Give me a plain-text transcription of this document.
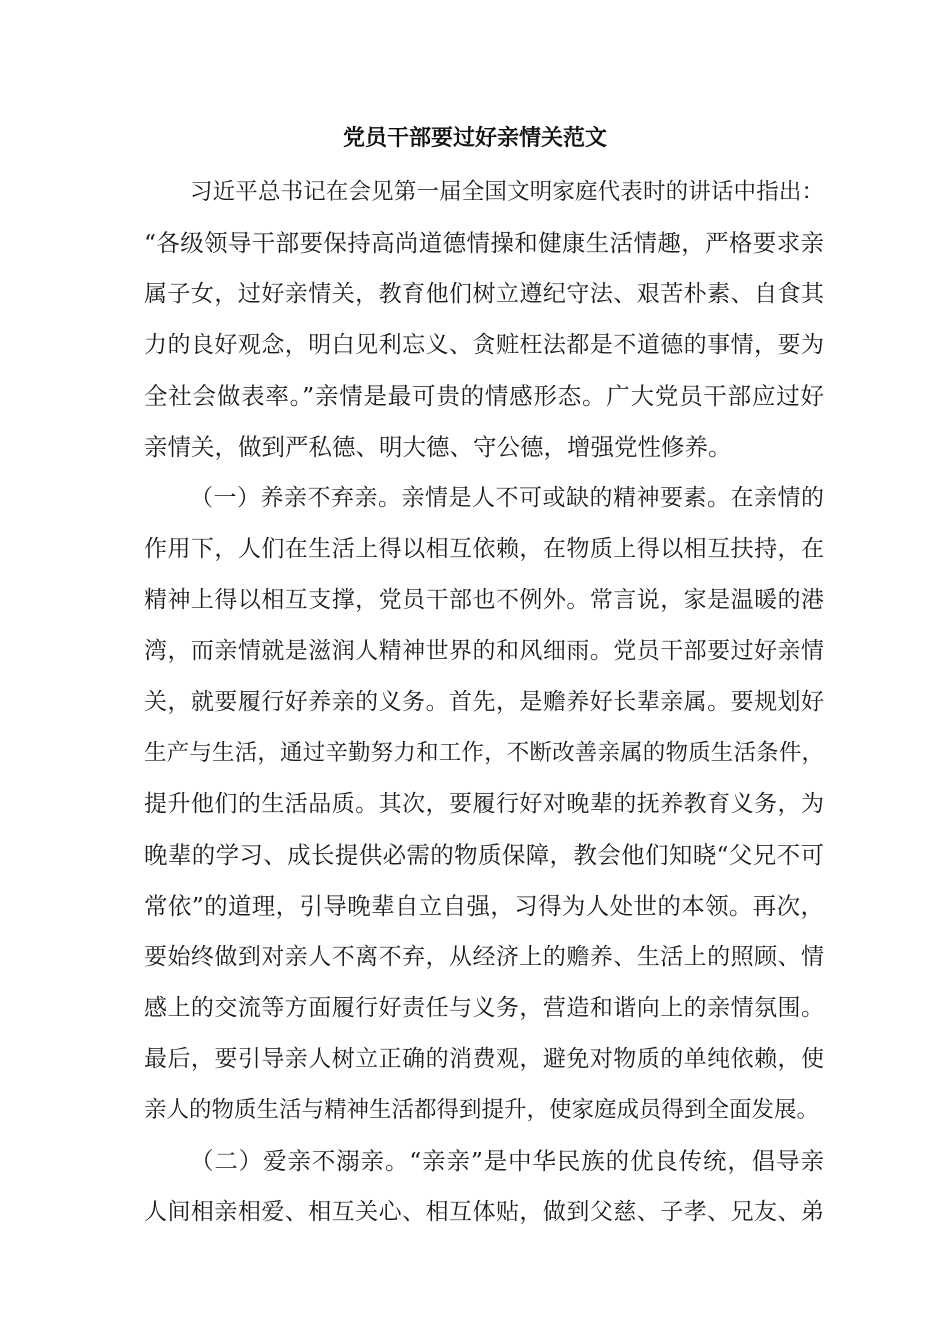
党员干部要过好亲情关范文

习近平总书记在会见第一届全国文明家庭代表时的讲话中指出：

“各级领导干部要保持高尚道德情操和健康生活情趣，严格要求亲

属子女，过好亲情关，教育他们树立遵纪守法、艰苦朴素、自食其

力的良好观念，明白见利忘义、贪赃枉法都是不道德的事情，要为

全社会做表率。”亲情是最可贵的情感形态。广大党员干部应过好

亲情关，做到严私德、明大德、守公德，增强党性修养。

（一）养亲不弃亲。亲情是人不可或缺的精神要素。在亲情的

作用下，人们在生活上得以相互依赖，在物质上得以相互扶持，在

精神上得以相互支撑，党员干部也不例外。常言说，家是温暖的港

湾，而亲情就是滋润人精神世界的和风细雨。党员干部要过好亲情

关，就要履行好养亲的义务。首先，是赡养好长辈亲属。要规划好

生产与生活，通过辛勤努力和工作，不断改善亲属的物质生活条件，

提升他们的生活品质。其次，要履行好对晚辈的抚养教育义务，为

晚辈的学习、成长提供必需的物质保障，教会他们知晓“父兄不可

常依”的道理，引导晚辈自立自强，习得为人处世的本领。再次，

要始终做到对亲人不离不弃，从经济上的赡养、生活上的照顾、情

感上的交流等方面履行好责任与义务，营造和谐向上的亲情氛围。

最后，要引导亲人树立正确的消费观，避免对物质的单纯依赖，使

亲人的物质生活与精神生活都得到提升，使家庭成员得到全面发展。

（二）爱亲不溺亲。“亲亲”是中华民族的优良传统，倡导亲

人间相亲相爱、相互关心、相互体贴，做到父慈、子孝、兄友、弟
